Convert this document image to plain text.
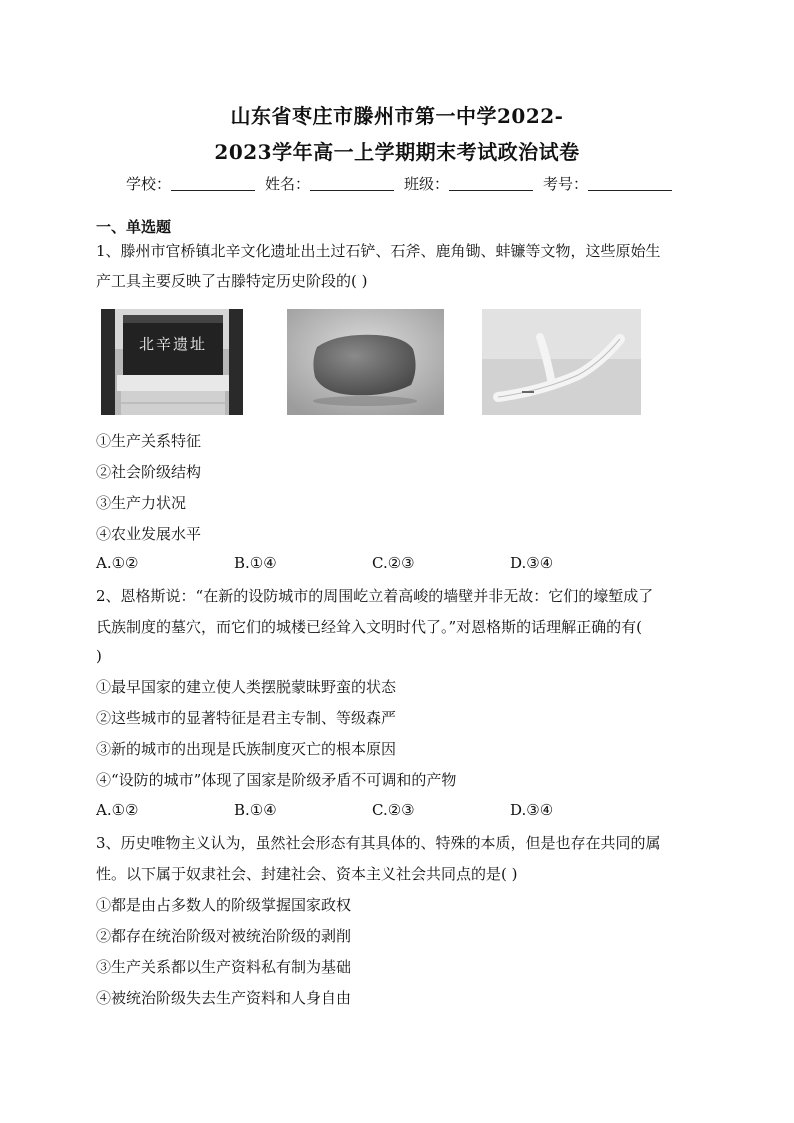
山东省枣庄市滕州市第一中学2022-
2023学年高一上学期期末考试政治试卷
学校：	姓名：	班级：	考号：
一、单选题
1、滕州市官桥镇北辛文化遗址出土过石铲、石斧、鹿角锄、蚌镰等文物，这些原始生
产工具主要反映了古滕特定历史阶段的( )
北辛遗址
①生产关系特征
②社会阶级结构
③生产力状况
④农业发展水平
A.①②	B.①④	C.②③	D.③④
2、恩格斯说：“在新的设防城市的周围屹立着高峻的墙壁并非无故：它们的壕堑成了
氏族制度的墓穴，而它们的城楼已经耸入文明时代了。”对恩格斯的话理解正确的有(
)
①最早国家的建立使人类摆脱蒙昧野蛮的状态
②这些城市的显著特征是君主专制、等级森严
③新的城市的出现是氏族制度灭亡的根本原因
④“设防的城市”体现了国家是阶级矛盾不可调和的产物
A.①②	B.①④	C.②③	D.③④
3、历史唯物主义认为，虽然社会形态有其具体的、特殊的本质，但是也存在共同的属
性。以下属于奴隶社会、封建社会、资本主义社会共同点的是( )
①都是由占多数人的阶级掌握国家政权
②都存在统治阶级对被统治阶级的剥削
③生产关系都以生产资料私有制为基础
④被统治阶级失去生产资料和人身自由
